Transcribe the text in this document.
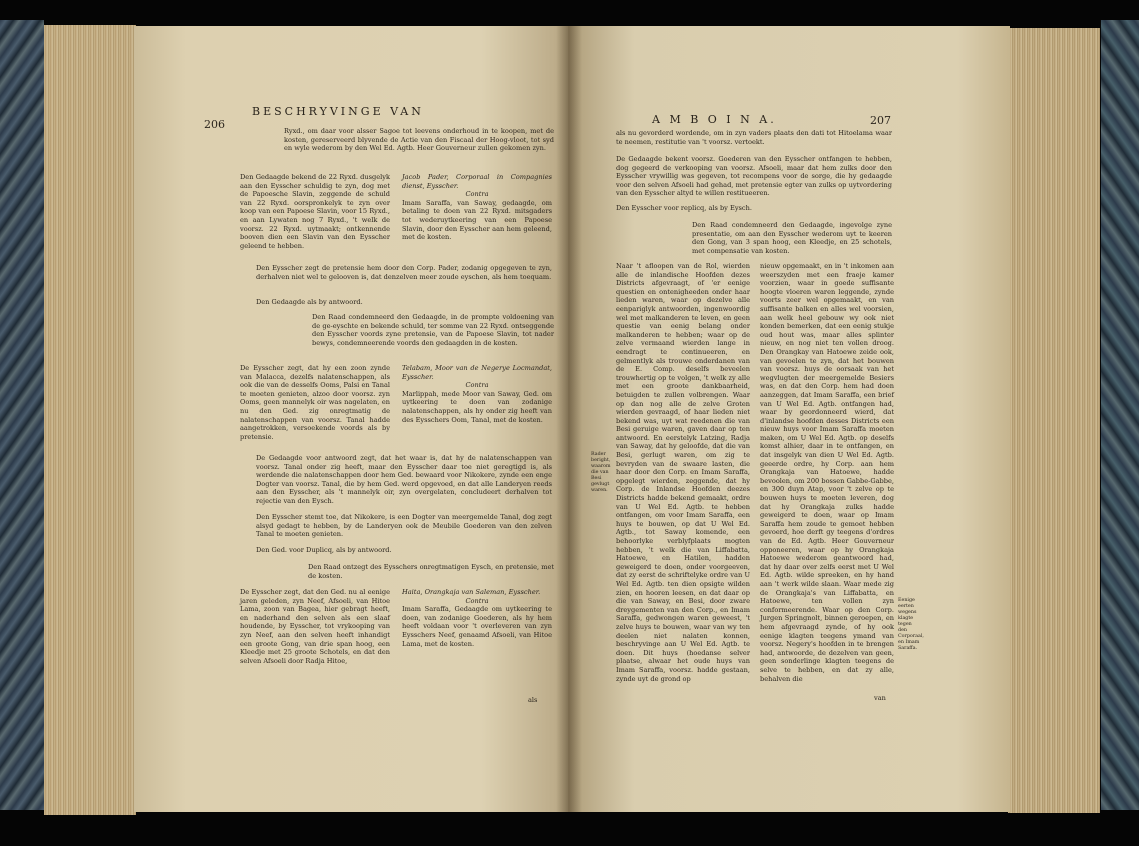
206
BESCHRYVINGE VAN
Ryxd., om daar voor alsser Sagoe tot leevens onderhoud in te koopen, met de kosten, gereserveerd blyvende de Actie van den Fiscaal der Hoog-vloot, tot syd en wyle wederom by den Wel Ed. Agtb. Heer Gouverneur zullen gekomen zyn.
Den Gedaagde bekend de 22 Ryxd. dusgelyk aan den Eysscher schuldig te zyn, dog met de Papoesche Slavin, zeggende de schuld van 22 Ryxd. oorspronkelyk te zyn over koop van een Papoese Slavin, voor 15 Ryxd., en aan Lywaten nog 7 Ryxd., 't welk de voorsz. 22 Ryxd. uytmaakt; ontkennende booven dien een Slavin van den Eysscher geleend te hebben.

Jacob Pader, Corporaal in Compagnies dienst, Eysscher.

Contra

Imam Saraffa, van Saway, gedaagde, om betaling te doen van 22 Ryxd. mitsgaders tot wederuytkeering van een Papoese Slavin, door den Eysscher aan hem geleend, met de kosten.

Den Eysscher zegt de pretensie hem door den Corp. Pader, zodanig opgegeven te zyn, derhalven niet wel te gelooven is, dat denzelven meer zoude eyschen, als hem toequam.
Den Gedaagde als by antwoord.
Den Raad condemneerd den Gedaagde, in de prompte voldoening van de ge-eyschte en bekende schuld, ter somme van 22 Ryxd. ontseggende den Eysscher voords zyne pretensie, van de Papoese Slavin, tot nader bewys, condemneerende voords den gedaagden in de kosten.
De Eysscher zegt, dat hy een zoon zynde van Malacca, dezelfs nalatenschappen, als ook die van de desselfs Ooms, Palsi en Tanal te moeten genieten, alzoo door voorsz. zyn Ooms, geen mannelyk oir was nagelaten, en nu den Ged. zig onregtmatig de nalatenschappen van voorsz. Tanal hadde aangetrokken, versoekende voords als by pretensie.

Telabam, Moor van de Negerye Locmandat, Eysscher.

Contra

Marlippah, mede Moor van Saway, Ged. om uytkeering te doen van zodanige nalatenschappen, als hy onder zig heeft van des Eysschers Oom, Tanal, met de kosten.

De Gedaagde voor antwoord zegt, dat het waar is, dat hy de nalatenschappen van voorsz. Tanal onder zig heeft, maar den Eysscher daar toe niet geregtigd is, als werdende die nalatenschappen door hem Ged. bewaard voor Nikokere, zynde een enge Dogter van voorsz. Tanal, die by hem Ged. werd opgevoed, en dat alle Landeryen reeds aan den Eysscher, als 't mannelyk oir, zyn overgelaten, concludeert derhalven tot rejectie van den Eysch.
Den Eysscher stemt toe, dat Nikokere, is een Dogter van meergemelde Tanal, dog zegt alsyd gedagt te hebben, by de Landeryen ook de Meubile Goederen van den zelven Tanal te moeten genieten.
Den Ged. voor Duplicq, als by antwoord.
Den Raad ontzegt des Eysschers onregtmatigen Eysch, en pretensie, met de kosten.
De Eysscher zegt, dat den Ged. nu al eenige jaren geleden, zyn Neef, Afsoeli, van Hitoe Lama, zoon van Bagea, hier gebragt heeft, en naderhand den selven als een slaaf houdende, by Eysscher, tot vrykooping van zyn Neef, aan den selven heeft inhandigt een groote Gong, van drie span hoog, een Kleedje met 25 groote Schotels, en dat den selven Afsoeli door Radja Hitoe,

Haita, Orangkaja van Saleman, Eysscher.

Contra

Imam Saraffa, Gedaagde om uytkeering te doen, van zodanige Goederen, als hy hem heeft voldaan voor 't overleveren van zyn Eysschers Neef, genaamd Afsoeli, van Hitoe Lama, met de kosten.

als
A M B O I N A.	207
als nu gevorderd wordende, om in zyn vaders plaats den dati tot Hitoelama waar te neemen, restitutie van 't voorsz. vertoekt.
De Gedaagde bekent voorsz. Goederen van den Eysscher ontfangen te hebben, dog gegeerd de verkooping van voorsz. Afsoeli, maar dat hem zulks door den Eysscher vrywillig was gegeven, tot recompens voor de sorge, die hy gedaagde voor den selven Afsoeli had gehad, met pretensie egter van zulks op uytvordering van den Eysscher altyd te willen restitueeren.
Den Eysscher voor replicq, als by Eysch.
Den Raad condemneerd den Gedaagde, ingevolge zyne presentatie, om aan den Eysscher wederom uyt te keeren den Gong, van 3 span hoog, een Kleedje, en 25 schotels, met compensatie van kosten.
Naar 't afloopen van de Rol, wierden alle de inlandische Hoofden dezes Districts afgevraagt, of 'er eenige questien en ontenigheeden onder haar lieden waren, waar op dezelve alle eenpariglyk antwoorden, ingenwoordig wel met malkanderen te leven, en geen questie van eenig belang onder malkanderen te hebben; waar op de zelve vermaand wierden lange in eendragt te continueeren, en gelmentlyk als trouwe onderdanen van de E. Comp. deselfs beveelen trouwhertig op te volgen, 't welk zy alle met een groote dankbaarheid, betuigden te zullen volbrengen. Waar op dan nog alle de zelve Groten wierden gevraagd, of haar lieden niet bekend was, uyt wat reedenen die van Besi geruige waren, gaven daar op ten antwoord. En eerstelyk Latzing, Radja van Saway, dat hy geloofde, dat die van Besi, gerlugt waren, om zig te bevryden van de swaare lasten, die haar door den Corp. en Imam Saraffa, opgelegt wierden, zeggende, dat hy Corp. de Inlandse Hoofden deezes Districts hadde bekend gemaakt, ordre van U Wel Ed. Agtb. te hebben ontfangen, om voor Imam Saraffa, een huys te bouwen, op dat U Wel Ed. Agtb., tot Saway komende, een behoorlyke verblyfplaats mogten hebben, 't welk die van Liffabatta, Hatoewe, en Hatilen, hadden geweigerd te doen, onder voorgeeven, dat zy eerst de schriftelyke ordre van U Wel Ed. Agtb. ten dien opsigte wilden zien, en hooren leesen, en dat daar op die van Saway, en Besi, door zware dreygementen van den Corp., en Imam Saraffa, gedwongen waren geweest, 't zelve huys te bouwen, waar van wy ten deelen niet nalaten konnen, beschryvinge aan U Wel Ed. Agtb. te doen. Dit huys (hoedanse selver plaatse, alwaar het oude huys van Imam Saraffa, voorsz. hadde gestaan, zynde uyt de grond op
nieuw opgemaakt, en in 't inkomen aan weerszyden met een fraeje kamer voorzien, waar in goede suffisante hoogte vloeren waren leggende, zynde voorts zeer wel opgemaakt, en van suffisante balken en alles wel voorsien, aan welk heel gebouw wy ook niet konden bemerken, dat een eenig stukje oud hout was, maar alles splinter nieuw, en nog niet ten vollen droog. Den Orangkay van Hatoewe zeide ook, van gevoelen te zyn, dat het bouwen van voorsz. huys de oorsaak van het wegvlugten der meergemelde Besiers was, en dat den Corp. hem had doen aanzeggen, dat Imam Saraffa, een brief van U Wel Ed. Agtb. ontfangen had, waar by geordonneerd wierd, dat d'inlandse hoofden desses Districts een nieuw huys voor Imam Saraffa moeten maken, om U Wel Ed. Agtb. op deselfs komst alhier, daar in te ontfangen, en dat insgelyk van dien U Wel Ed. Agtb. geeerde ordre, hy Corp. aan hem Orangkaja van Hatoewe, hadde bevoolen, om 200 bossen Gabbe-Gabbe, en 300 duyn Atap, voor 't zelve op te bouwen huys te moeten leveren, dog dat hy Orangkaja zulks hadde geweigerd te doen, waar op Imam Saraffa hem zoude te gemoet hebben gevoerd, hoe derft gy teegens d'ordres van de Ed. Agtb. Heer Gouverneur opponeeren, waar op hy Orangkaja Hatoewe wederom geantwoord had, dat hy daar over zelfs eerst met U Wel Ed. Agtb. wilde spreeken, en hy hand aan 't werk wilde slaan. Waar mede zig de Orangkaja's van Liffabatta, en Hatoewe, ten vollen zyn conformeerende. Waar op den Corp. Jurgen Springnolt, binnen geroepen, en hem afgevraagd zynde, of hy ook eenige klagten teegens ymand van voorsz. Negery's hoofden in te brengen had, antwoorde, de dezelven van geen, geen sonderlinge klagten teegens de selve te hebben, en dat zy alle, behalven die
Rader beright, waarom die van Besi gevlugt waren.
Eenige eerten wegens klagte tegen den Corporaal, en Imam Saraffa.
van
